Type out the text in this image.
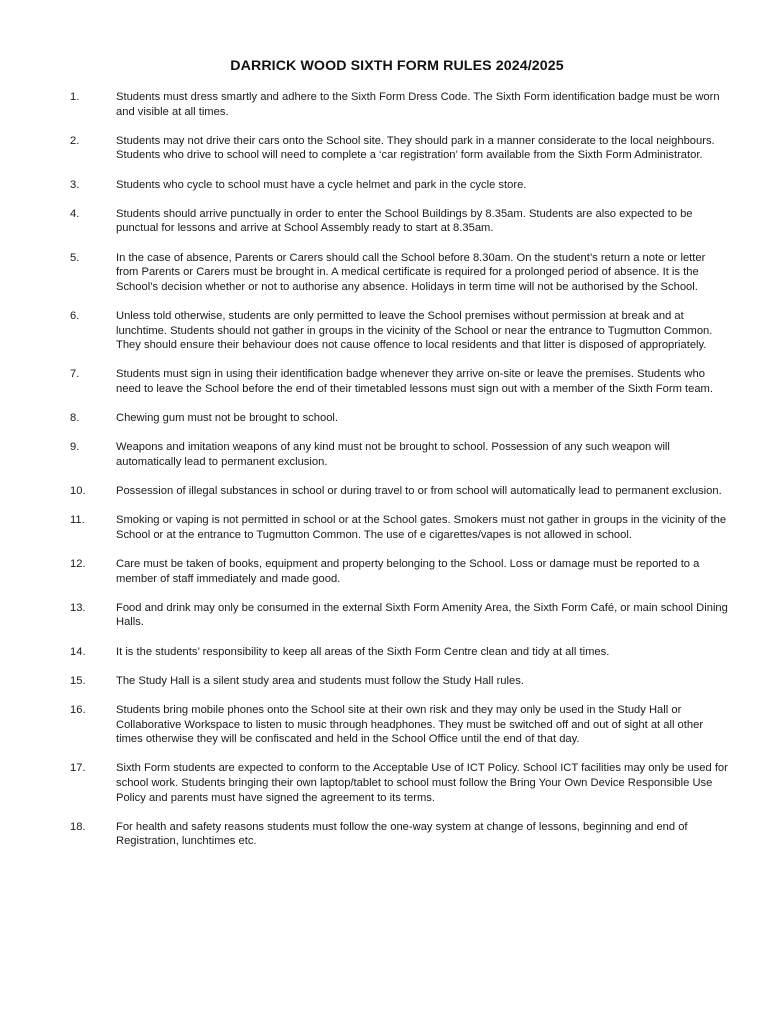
DARRICK WOOD SIXTH FORM RULES 2024/2025
1.	Students must dress smartly and adhere to the Sixth Form Dress Code. The Sixth Form identification badge must be worn and visible at all times.
2.	Students may not drive their cars onto the School site. They should park in a manner considerate to the local neighbours. Students who drive to school will need to complete a ‘car registration’ form available from the Sixth Form Administrator.
3.	Students who cycle to school must have a cycle helmet and park in the cycle store.
4.	Students should arrive punctually in order to enter the School Buildings by 8.35am. Students are also expected to be punctual for lessons and arrive at School Assembly ready to start at 8.35am.
5.	In the case of absence, Parents or Carers should call the School before 8.30am. On the student’s return a note or letter from Parents or Carers must be brought in. A medical certificate is required for a prolonged period of absence. It is the School’s decision whether or not to authorise any absence. Holidays in term time will not be authorised by the School.
6.	Unless told otherwise, students are only permitted to leave the School premises without permission at break and at lunchtime. Students should not gather in groups in the vicinity of the School or near the entrance to Tugmutton Common. They should ensure their behaviour does not cause offence to local residents and that litter is disposed of appropriately.
7.	Students must sign in using their identification badge whenever they arrive on-site or leave the premises. Students who need to leave the School before the end of their timetabled lessons must sign out with a member of the Sixth Form team.
8.	Chewing gum must not be brought to school.
9.	Weapons and imitation weapons of any kind must not be brought to school. Possession of any such weapon will automatically lead to permanent exclusion.
10.	Possession of illegal substances in school or during travel to or from school will automatically lead to permanent exclusion.
11.	Smoking or vaping is not permitted in school or at the School gates. Smokers must not gather in groups in the vicinity of the School or at the entrance to Tugmutton Common. The use of e cigarettes/vapes is not allowed in school.
12.	Care must be taken of books, equipment and property belonging to the School. Loss or damage must be reported to a member of staff immediately and made good.
13.	Food and drink may only be consumed in the external Sixth Form Amenity Area, the Sixth Form Café, or main school Dining Halls.
14.	It is the students’ responsibility to keep all areas of the Sixth Form Centre clean and tidy at all times.
15.	The Study Hall is a silent study area and students must follow the Study Hall rules.
16.	Students bring mobile phones onto the School site at their own risk and they may only be used in the Study Hall or Collaborative Workspace to listen to music through headphones. They must be switched off and out of sight at all other times otherwise they will be confiscated and held in the School Office until the end of that day.
17.	Sixth Form students are expected to conform to the Acceptable Use of ICT Policy. School ICT facilities may only be used for school work. Students bringing their own laptop/tablet to school must follow the Bring Your Own Device Responsible Use Policy and parents must have signed the agreement to its terms.
18.	For health and safety reasons students must follow the one-way system at change of lessons, beginning and end of Registration, lunchtimes etc.
